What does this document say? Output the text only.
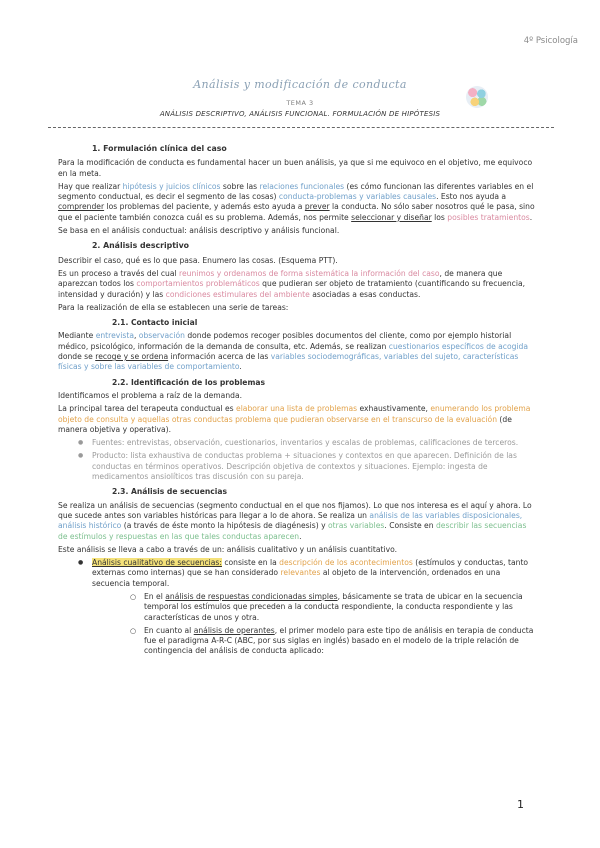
4º Psicología
Análisis y modificación de conducta
TEMA 3
ANÁLISIS DESCRIPTIVO, ANÁLISIS FUNCIONAL. FORMULACIÓN DE HIPÓTESIS

1. Formulación clínica del caso

Para la modificación de conducta es fundamental hacer un buen análisis, ya que si me equivoco en el objetivo, me equivoco en la meta.

Hay que realizar hipótesis y juicios clínicos sobre las relaciones funcionales (es cómo funcionan las diferentes variables en el segmento conductual, es decir el segmento de las cosas) conducta-problemas y variables causales. Esto nos ayuda a comprender los problemas del paciente, y además esto ayuda a prever la conducta. No sólo saber nosotros qué le pasa, sino que el paciente también conozca cuál es su problema. Además, nos permite seleccionar y diseñar los posibles tratamientos.

Se basa en el análisis conductual: análisis descriptivo y análisis funcional.

2. Análisis descriptivo

Describir el caso, qué es lo que pasa. Enumero las cosas. (Esquema PTT).

Es un proceso a través del cual reunimos y ordenamos de forma sistemática la información del caso, de manera que aparezcan todos los comportamientos problemáticos que pudieran ser objeto de tratamiento (cuantificando su frecuencia, intensidad y duración) y las condiciones estimulares del ambiente asociadas a esas conductas.

Para la realización de ella se establecen una serie de tareas:

2.1. Contacto inicial

Mediante entrevista, observación donde podemos recoger posibles documentos del cliente, como por ejemplo historial médico, psicológico, información de la demanda de consulta, etc. Además, se realizan cuestionarios específicos de acogida donde se recoge y se ordena información acerca de las variables sociodemográficas, variables del sujeto, características físicas y sobre las variables de comportamiento.

2.2. Identificación de los problemas

Identificamos el problema a raíz de la demanda.

La principal tarea del terapeuta conductual es elaborar una lista de problemas exhaustivamente, enumerando los problema objeto de consulta y aquellas otras conductas problema que pudieran observarse en el transcurso de la evaluación (de manera objetiva y operativa).

● Fuentes: entrevistas, observación, cuestionarios, inventarios y escalas de problemas, calificaciones de terceros.

● Producto: lista exhaustiva de conductas problema + situaciones y contextos en que aparecen. Definición de las conductas en términos operativos. Descripción objetiva de contextos y situaciones. Ejemplo: ingesta de medicamentos ansiolíticos tras discusión con su pareja.

2.3. Análisis de secuencias

Se realiza un análisis de secuencias (segmento conductual en el que nos fijamos). Lo que nos interesa es el aquí y ahora. Lo que sucede antes son variables históricas para llegar a lo de ahora. Se realiza un análisis de las variables disposicionales, análisis histórico (a través de éste monto la hipótesis de diagénesis) y otras variables. Consiste en describir las secuencias de estímulos y respuestas en las que tales conductas aparecen.

Este análisis se lleva a cabo a través de un: análisis cualitativo y un análisis cuantitativo.

● Análisis cualitativo de secuencias: consiste en la descripción de los acontecimientos (estímulos y conductas, tanto externas como internas) que se han considerado relevantes al objeto de la intervención, ordenados en una secuencia temporal.

○ En el análisis de respuestas condicionadas simples, básicamente se trata de ubicar en la secuencia temporal los estímulos que preceden a la conducta respondiente, la conducta respondiente y las características de unos y otra.

○ En cuanto al análisis de operantes, el primer modelo para este tipo de análisis en terapia de conducta fue el paradigma A-R-C (ABC, por sus siglas en inglés) basado en el modelo de la triple relación de contingencia del análisis de conducta aplicado:

1
